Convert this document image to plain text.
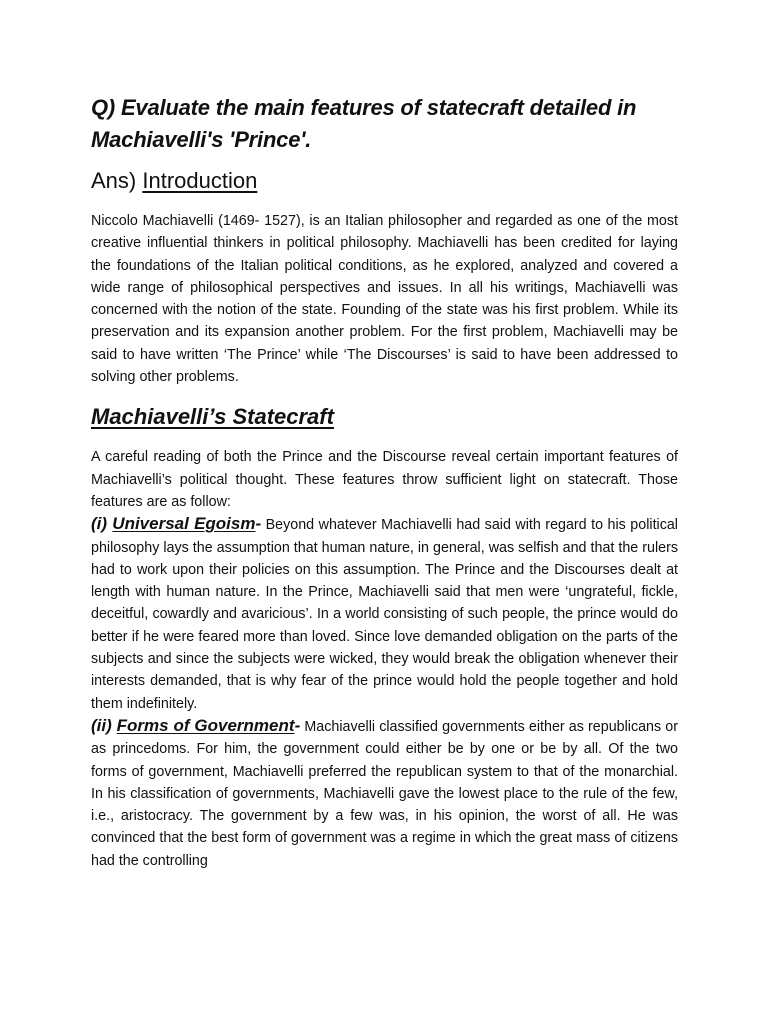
Q) Evaluate the main features of statecraft detailed in Machiavelli's 'Prince'.
Ans) Introduction

Niccolo Machiavelli (1469- 1527), is an Italian philosopher and regarded as one of the most creative influential thinkers in political philosophy. Machiavelli has been credited for laying the foundations of the Italian political conditions, as he explored, analyzed and covered a wide range of philosophical perspectives and issues. In all his writings, Machiavelli was concerned with the notion of the state. Founding of the state was his first problem. While its preservation and its expansion another problem. For the first problem, Machiavelli may be said to have written ‘The Prince’ while ‘The Discourses’ is said to have been addressed to solving other problems.

Machiavelli’s Statecraft

A careful reading of both the Prince and the Discourse reveal certain important features of Machiavelli’s political thought. These features throw sufficient light on statecraft. Those features are as follow:

(i) Universal Egoism- Beyond whatever Machiavelli had said with regard to his political philosophy lays the assumption that human nature, in general, was selfish and that the rulers had to work upon their policies on this assumption. The Prince and the Discourses dealt at length with human nature. In the Prince, Machiavelli said that men were ‘ungrateful, fickle, deceitful, cowardly and avaricious’. In a world consisting of such people, the prince would do better if he were feared more than loved. Since love demanded obligation on the parts of the subjects and since the subjects were wicked, they would break the obligation whenever their interests demanded, that is why fear of the prince would hold the people together and hold them indefinitely.

(ii) Forms of Government- Machiavelli classified governments either as republicans or as princedoms. For him, the government could either be by one or be by all. Of the two forms of government, Machiavelli preferred the republican system to that of the monarchial. In his classification of governments, Machiavelli gave the lowest place to the rule of the few, i.e., aristocracy. The government by a few was, in his opinion, the worst of all. He was convinced that the best form of government was a regime in which the great mass of citizens had the controlling
